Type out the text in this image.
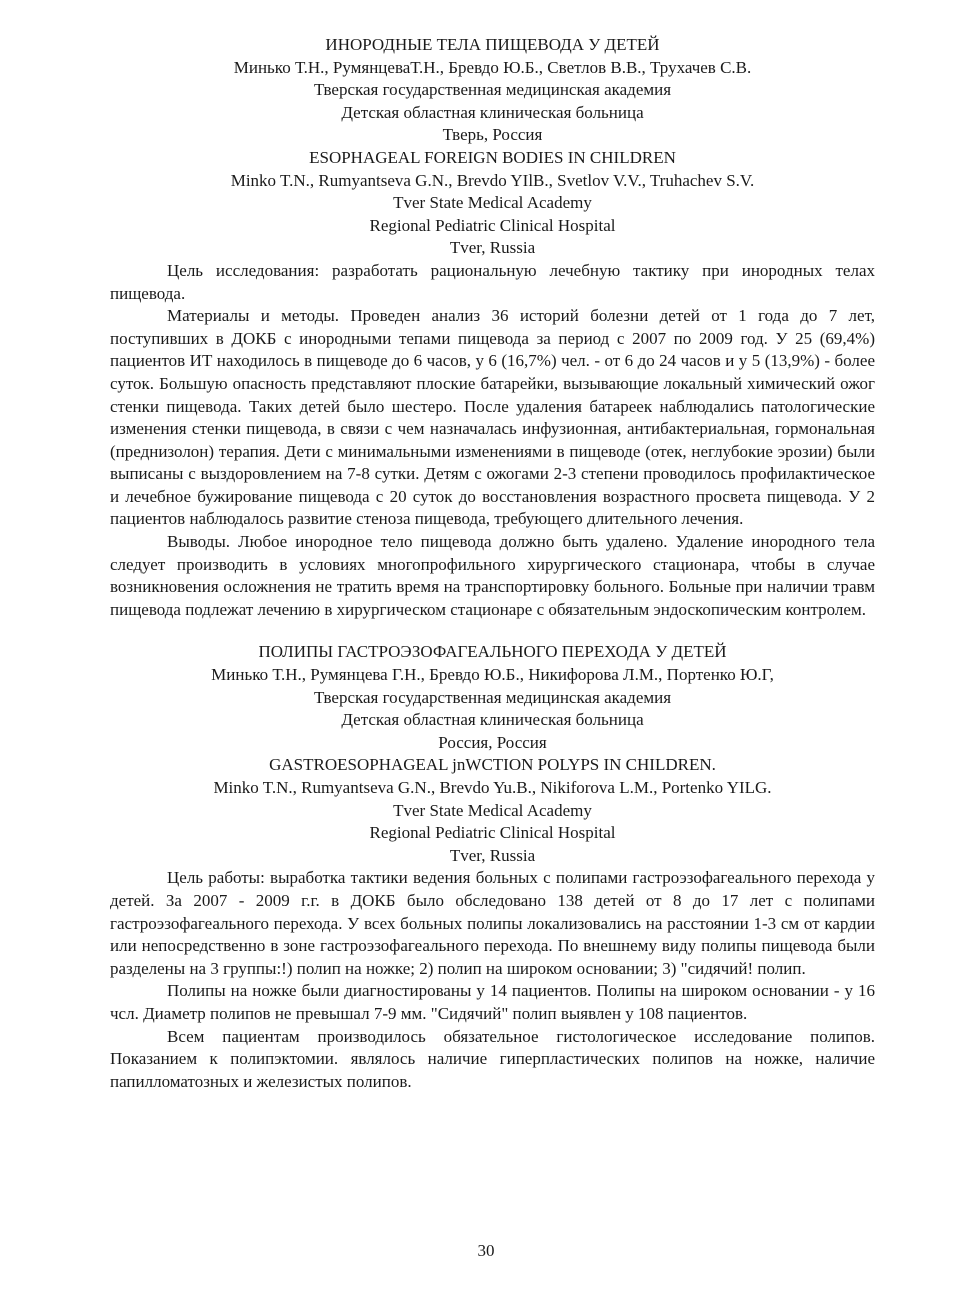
ИНОРОДНЫЕ ТЕЛА ПИЩЕВОДА У ДЕТЕЙ

Минько Т.Н., РумянцеваТ.Н., Бревдо Ю.Б., Светлов В.В., Трухачев С.В.

Тверская государственная медицинская академия

Детская областная клиническая больница

Тверь, Россия

ESOPHAGEAL FOREIGN BODIES IN CHILDREN

Minko T.N., Rumyantseva G.N., Brevdo YIlB., Svetlov V.V., Truhachev S.V.

Tver State Medical Academy

Regional Pediatric Clinical Hospital

Tver, Russia

Цель исследования: разработать рациональную лечебную тактику при инородных телах пищевода.

Материалы и методы. Проведен анализ 36 историй болезни детей от 1 года до 7 лет, поступивших в ДОКБ с инородными тепами пищевода за период с 2007 по 2009 год. У 25 (69,4%) пациентов ИТ находилось в пищеводе до 6 часов, у 6 (16,7%) чел. - от 6 до 24 часов и у 5 (13,9%) - более суток. Большую опасность представляют плоские батарейки, вызывающие локальный химический ожог стенки пищевода. Таких детей было шестеро. После удаления батареек наблюдались патологические изменения стенки пищевода, в связи с чем назначалась инфузионная, антибактериальная, гормональная (преднизолон) терапия. Дети с минимальными изменениями в пищеводе (отек, неглубокие эрозии) были выписаны с выздоровлением на 7-8 сутки. Детям с ожогами 2-3 степени проводилось профилактическое и лечебное бужирование пищевода с 20 суток до восстановления возрастного просвета пищевода. У 2 пациентов наблюдалось развитие стеноза пищевода, требующего длительного лечения.

Выводы. Любое инородное тело пищевода должно быть удалено. Удаление инородного тела следует производить в условиях многопрофильного хирургического стационара, чтобы в случае возникновения осложнения не тратить время на транспортировку больного. Больные при наличии травм пищевода подлежат лечению в хирургическом стационаре с обязательным эндоскопическим контролем.

ПОЛИПЫ ГАСТРОЭЗОФАГЕАЛЬНОГО ПЕРЕХОДА У ДЕТЕЙ

Минько Т.Н., Румянцева Г.Н., Бревдо Ю.Б., Никифорова Л.М., Портенко Ю.Г,

Тверская государственная медицинская академия

Детская областная клиническая больница

Россия, Россия

GASTROESOPHAGEAL jnWCTION POLYPS IN CHILDREN.

Minko T.N., Rumyantseva G.N., Brevdo Yu.B., Nikiforova L.M., Portenko YILG.

Tver State Medical Academy

Regional Pediatric Clinical Hospital

Tver, Russia

Цель работы: выработка тактики ведения больных с полипами гастроэзофагеального перехода у детей. За 2007 - 2009 г.г. в ДОКБ было обследовано 138 детей от 8 до 17 лет с полипами гастроэзофагеального перехода. У всех больных полипы локализовались на расстоянии 1-3 см от кардии или непосредственно в зоне гастроэзофагеального перехода. По внешнему виду полипы пищевода были разделены на 3 группы:!) полип на ножке; 2) полип на широком основании; 3) "сидячий! полип.

Полипы на ножке были диагностированы у 14 пациентов. Полипы на широком основании - у 16 чсл. Диаметр полипов не превышал 7-9 мм. "Сидячий" полип выявлен у 108 пациентов.

Всем пациентам производилось обязательное гистологическое исследование полипов. Показанием к полипэктомии. являлось наличие гиперпластических полипов на ножке, наличие папилломатозных и железистых полипов.

30
